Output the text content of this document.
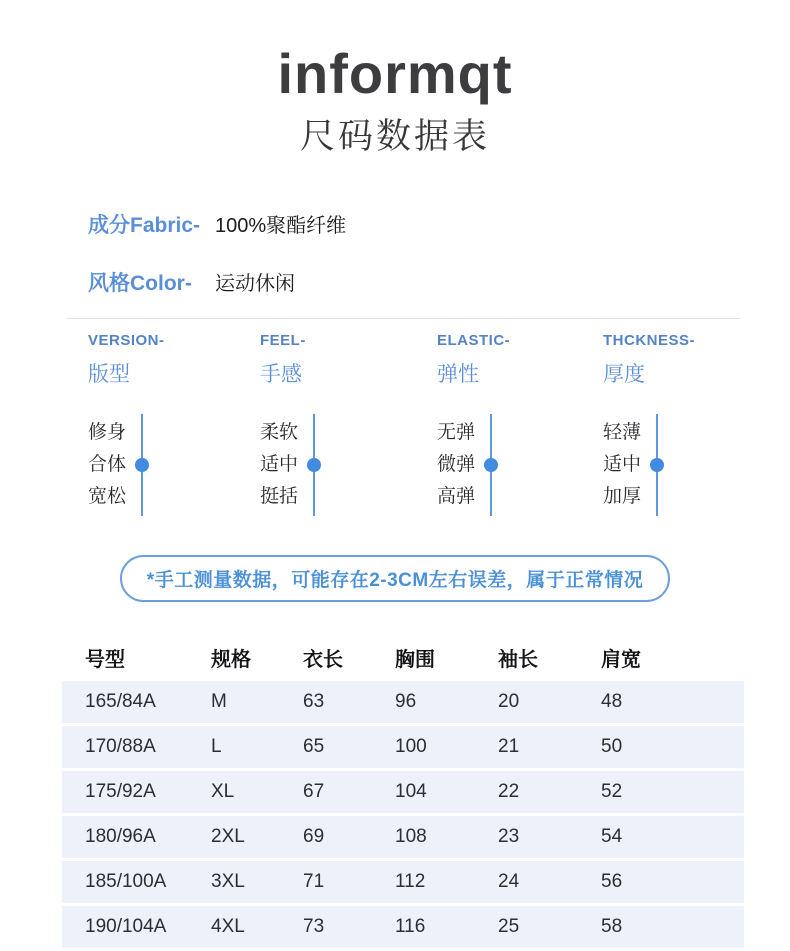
informqt
尺码数据表
成分Fabric- 100%聚酯纤维
风格Color-	运动休闲
VERSION-
版型
修身
合体
宽松
FEEL-
手感
柔软
适中
挺括
ELASTIC-
弹性
无弹
微弹
高弹
THCKNESS-
厚度
轻薄
适中
加厚
*手工测量数据，可能存在2-3CM左右误差，属于正常情况
号型	规格	衣长	胸围	袖长	肩宽
165/84A	M	63	96	20	48
170/88A	L	65	100	21	50
175/92A	XL	67	104	22	52
180/96A	2XL	69	108	23	54
185/100A	3XL	71	112	24	56
190/104A	4XL	73	116	25	58
